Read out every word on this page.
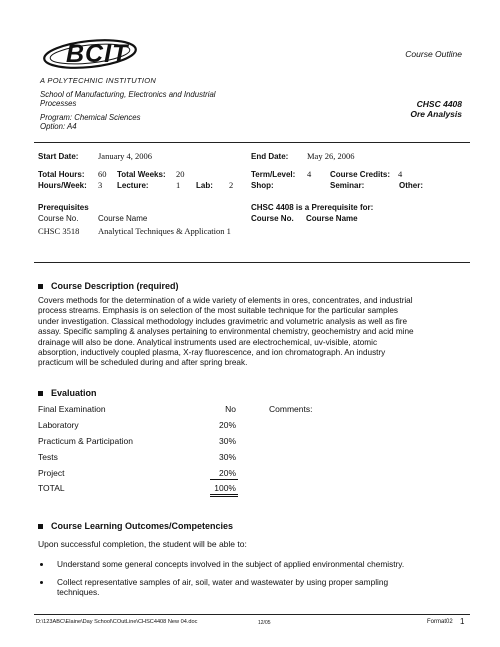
BCIT
A POLYTECHNIC INSTITUTION
School of Manufacturing, Electronics and Industrial
Processes
Program: Chemical Sciences
Option: A4
Course Outline
CHSC 4408
Ore Analysis
Start Date: January 4, 2006	End Date: May 26, 2006
Total Hours: 60 Total Weeks: 20	Term/Level: 4 Course Credits: 4
Hours/Week: 3 Lecture:	1 Lab: 2 Shop:	Seminar:	Other:
Prerequisites
Course No. Course Name
CHSC 3518 Analytical Techniques & Application 1
CHSC 4408 is a Prerequisite for:
Course No. Course Name
Course Description (required)
Covers methods for the determination of a wide variety of elements in ores, concentrates, and industrial
process streams. Emphasis is on selection of the most suitable technique for the particular samples
under investigation. Classical methodology includes gravimetric and volumetric analysis as well as fire
assay. Specific sampling & analyses pertaining to environmental chemistry, geochemistry and acid mine
drainage will also be done. Analytical instruments used are electrochemical, uv-visible, atomic
absorption, inductively coupled plasma, X-ray fluorescence, and ion chromatograph. An industry
practicum will be scheduled during and after spring break.
Evaluation
Comments:
Final Examination	No
Laboratory	20%
Practicum & Participation	30%
Tests	30%
Project	20%
TOTAL	100%
Course Learning Outcomes/Competencies
Upon successful completion, the student will be able to:
Understand some general concepts involved in the subject of applied environmental chemistry.
Collect representative samples of air, soil, water and wastewater by using proper sampling
techniques.
D:\123ABC\Elaine\Day School\COutLine\CHSC4408 New 04.doc	12/05	Format02 1
